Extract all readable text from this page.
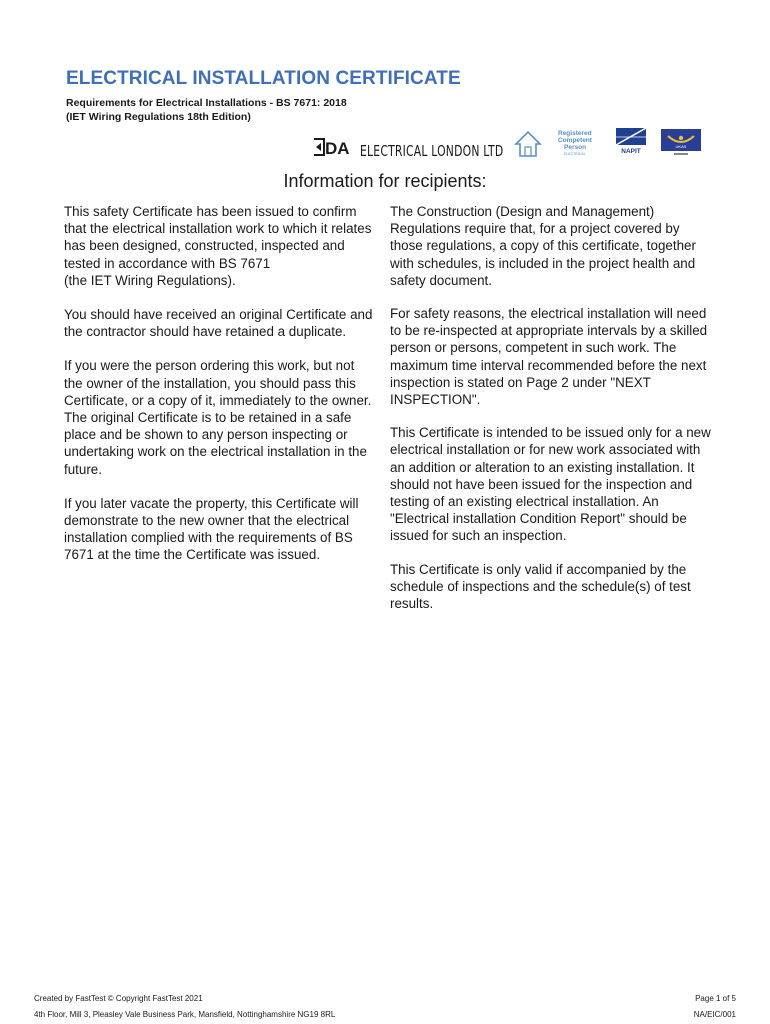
ELECTRICAL INSTALLATION CERTIFICATE
Requirements for Electrical Installations - BS 7671: 2018
(IET Wiring Regulations 18th Edition)
DA ELECTRICAL LONDON LTD
Registered
Competent
Person
ELECTRICAL	NAPIT
UKAS
Information for recipients:

This safety Certificate has been issued to confirm that the electrical installation work to which it relates has been designed, constructed, inspected and tested in accordance with BS 7671
(the IET Wiring Regulations).

You should have received an original Certificate and the contractor should have retained a duplicate.

If you were the person ordering this work, but not the owner of the installation, you should pass this Certificate, or a copy of it, immediately to the owner.
The original Certificate is to be retained in a safe place and be shown to any person inspecting or undertaking work on the electrical installation in the
future.

If you later vacate the property, this Certificate will demonstrate to the new owner that the electrical installation complied with the requirements of BS 7671 at the time the Certificate was issued.

The Construction (Design and Management) Regulations require that, for a project covered by those regulations, a copy of this certificate, together with schedules, is included in the project health and safety document.

For safety reasons, the electrical installation will need to be re-inspected at appropriate intervals by a skilled person or persons, competent in such work. The maximum time interval recommended before the next inspection is stated on Page 2 under "NEXT INSPECTION".

This Certificate is intended to be issued only for a new electrical installation or for new work associated with an addition or alteration to an existing installation. It should not have been issued for the inspection and testing of an existing electrical installation. An "Electrical installation Condition Report" should be issued for such an inspection.

This Certificate is only valid if accompanied by the schedule of inspections and the schedule(s) of test results.

Created by FastTest © Copyright FastTest 2021
4th Floor, Mill 3, Pleasley Vale Business Park, Mansfield, Nottinghamshire NG19 8RL
Page 1 of 5
NA/EIC/001
